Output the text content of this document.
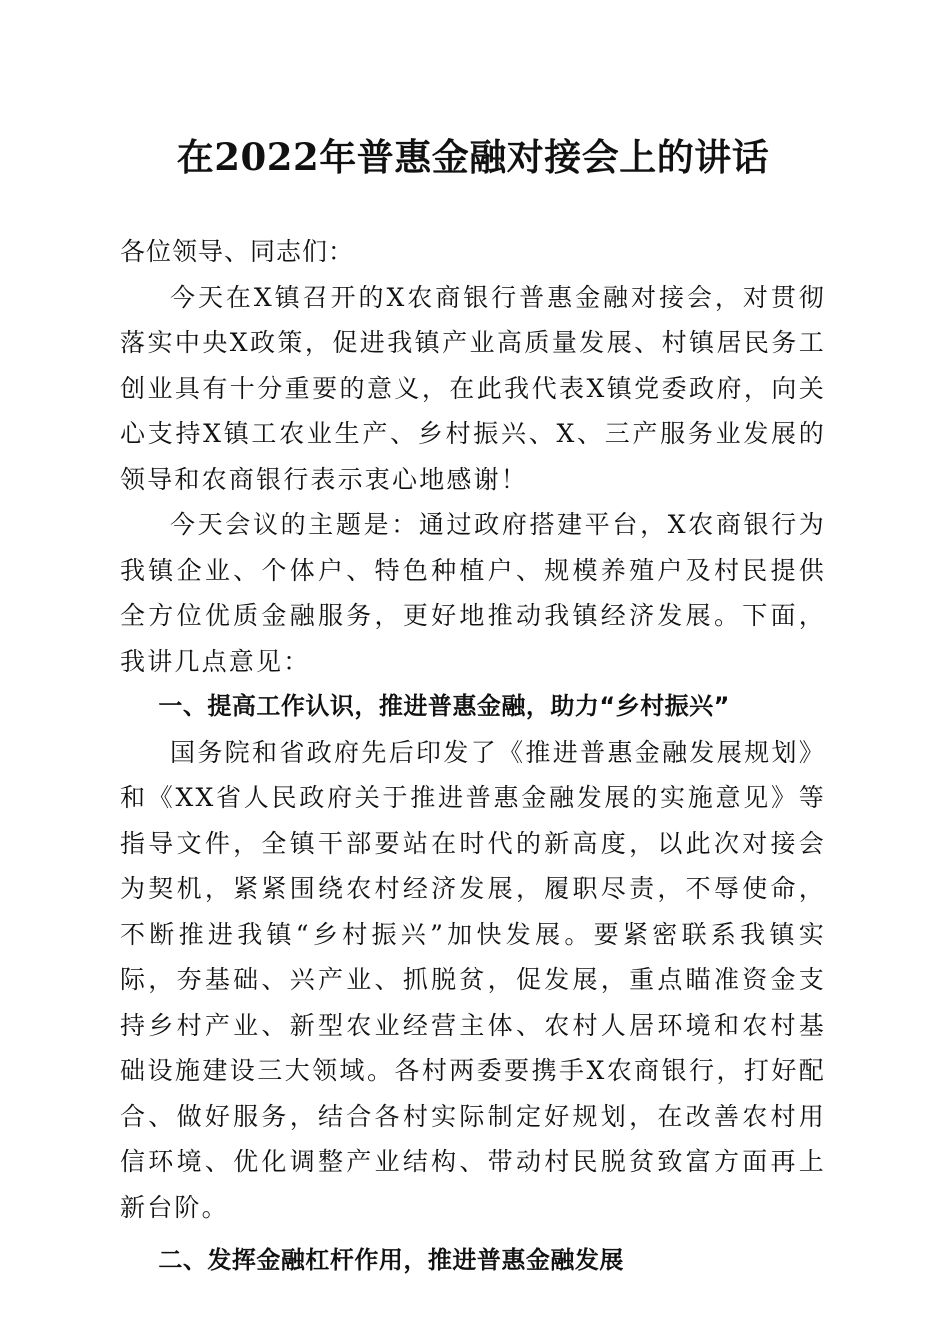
在2022年普惠金融对接会上的讲话

各位领导、同志们：

今天在X镇召开的X农商银行普惠金融对接会，对贯彻落实中央X政策，促进我镇产业高质量发展、村镇居民务工创业具有十分重要的意义，在此我代表X镇党委政府，向关心支持X镇工农业生产、乡村振兴、X、三产服务业发展的领导和农商银行表示衷心地感谢！

今天会议的主题是：通过政府搭建平台，X农商银行为我镇企业、个体户、特色种植户、规模养殖户及村民提供全方位优质金融服务，更好地推动我镇经济发展。下面，我讲几点意见：

一、提高工作认识，推进普惠金融，助力“乡村振兴”

国务院和省政府先后印发了《推进普惠金融发展规划》和《XX省人民政府关于推进普惠金融发展的实施意见》等指导文件，全镇干部要站在时代的新高度，以此次对接会为契机，紧紧围绕农村经济发展，履职尽责，不辱使命，不断推进我镇“乡村振兴”加快发展。要紧密联系我镇实际，夯基础、兴产业、抓脱贫，促发展，重点瞄准资金支持乡村产业、新型农业经营主体、农村人居环境和农村基础设施建设三大领域。各村两委要携手X农商银行，打好配合、做好服务，结合各村实际制定好规划，在改善农村用信环境、优化调整产业结构、带动村民脱贫致富方面再上新台阶。

二、发挥金融杠杆作用，推进普惠金融发展
